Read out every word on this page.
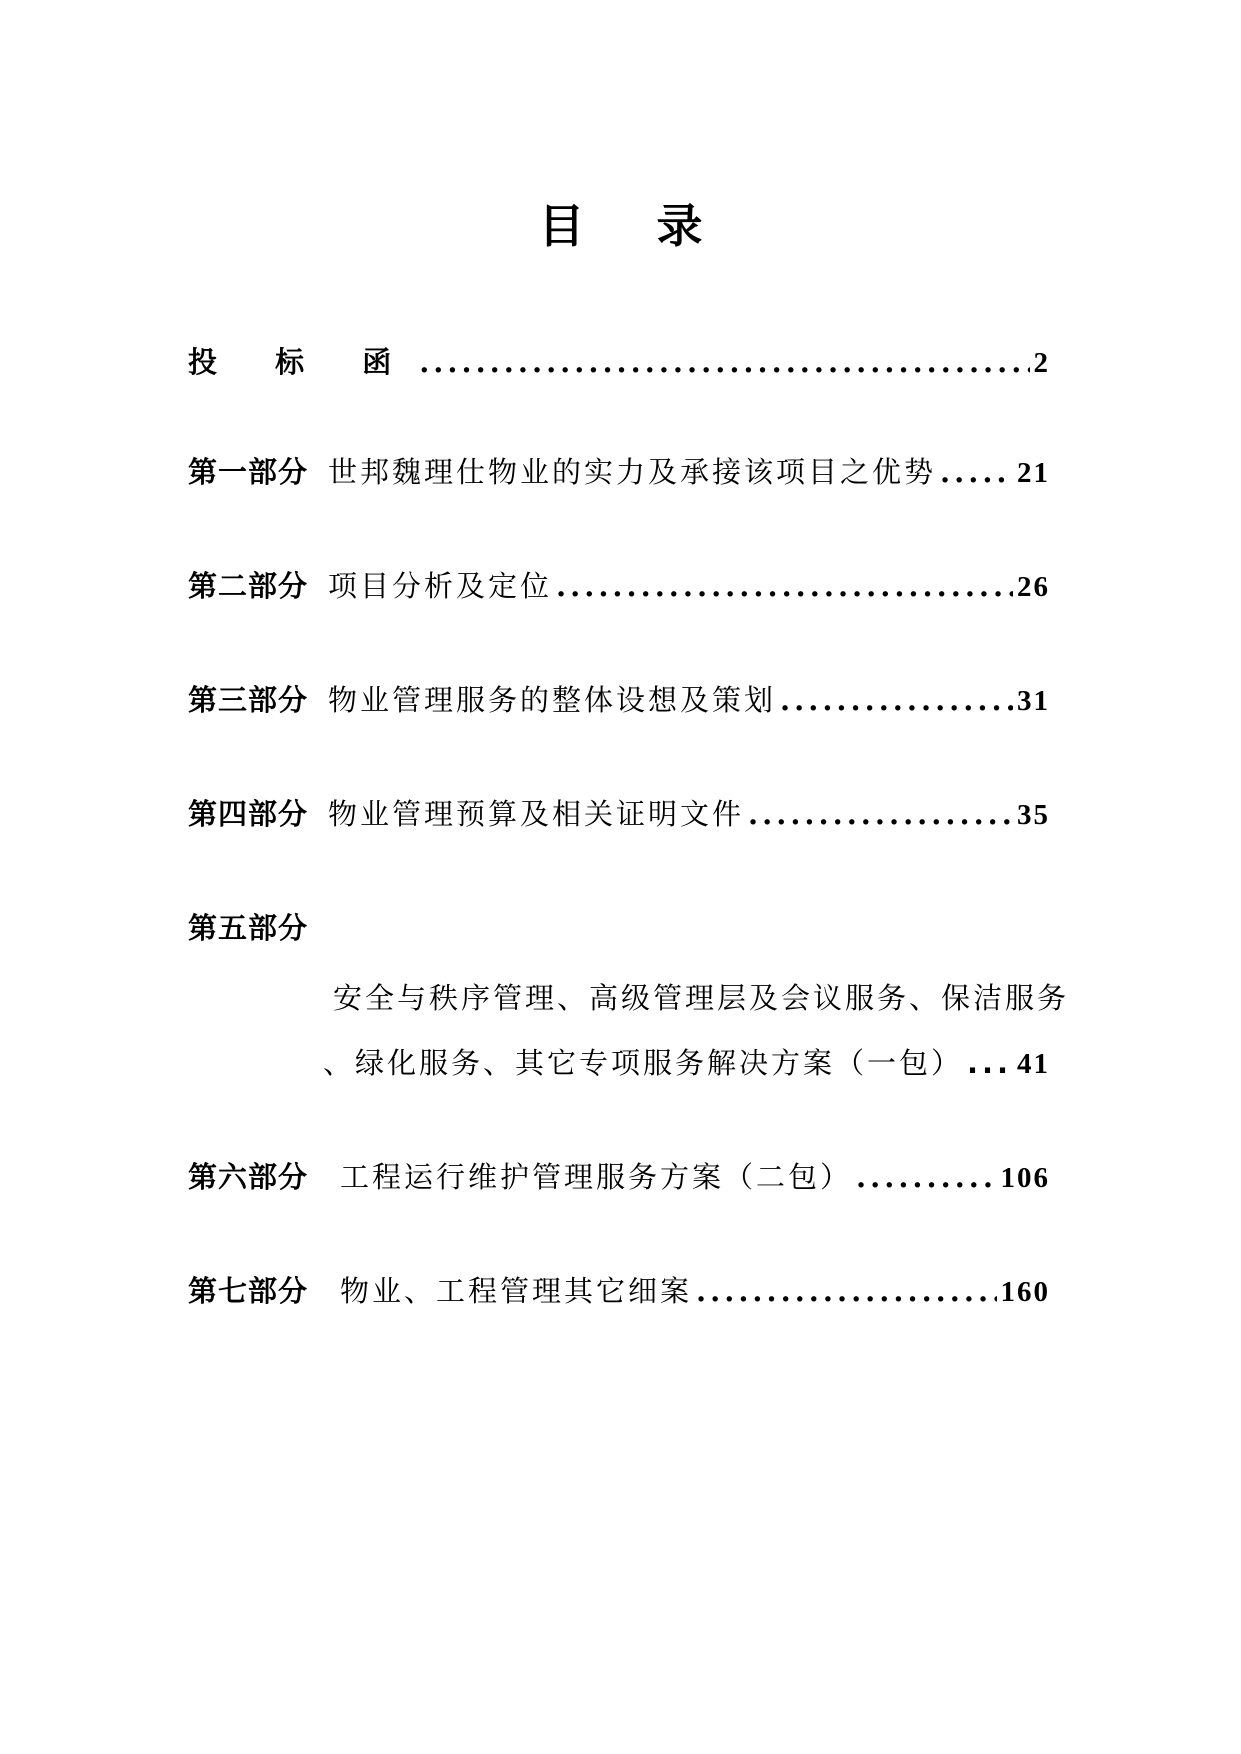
目 录
投 标 函 .....	2
第一部分 世邦魏理仕物业的实力及承接该项目之优势 .....	21
第二部分 项目分析及定位 .....	26
第三部分 物业管理服务的整体设想及策划 .....	31
第四部分 物业管理预算及相关证明文件 .....	35
第五部分
安全与秩序管理、高级管理层及会议服务、保洁服务
、绿化服务、其它专项服务解决方案（一包） ..... 41
第六部分 工程运行维护管理服务方案（二包） .....	106
第七部分 物业、工程管理其它细案 .....	160
